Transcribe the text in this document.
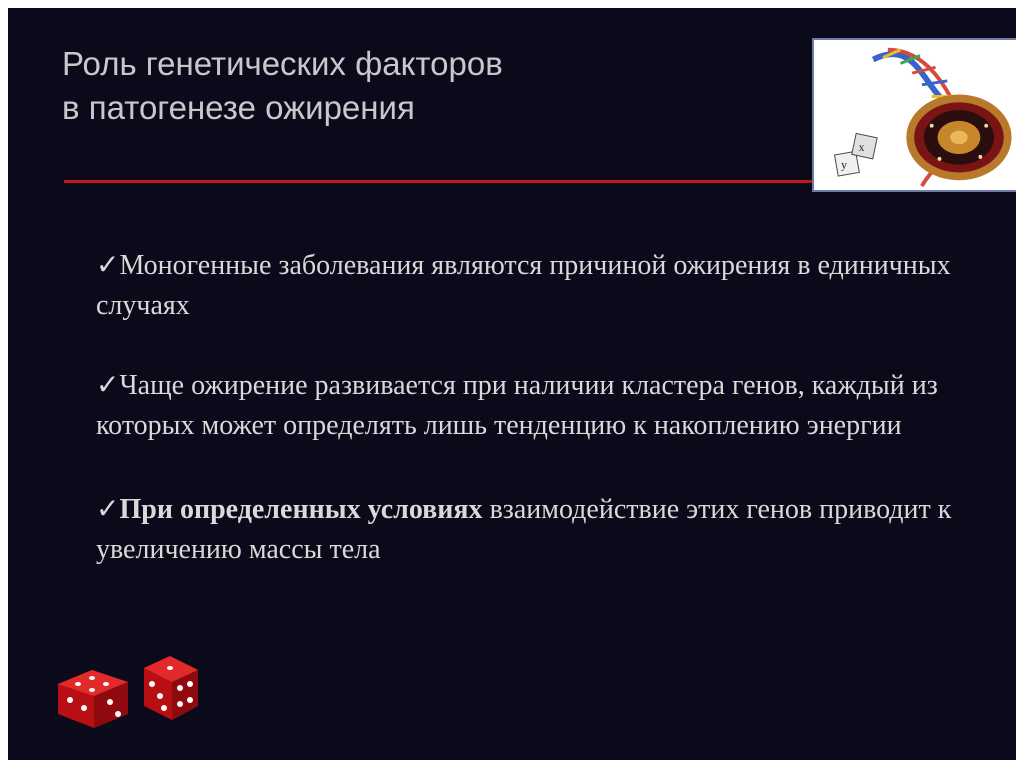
Роль генетических факторов
в патогенезе ожирения
y
x

✓Моногенные заболевания являются причиной ожирения в единичных случаях

✓Чаще ожирение развивается при наличии кластера генов, каждый из которых может определять лишь тенденцию к накоплению энергии

✓При определенных условиях взаимодействие этих генов приводит к увеличению массы тела
